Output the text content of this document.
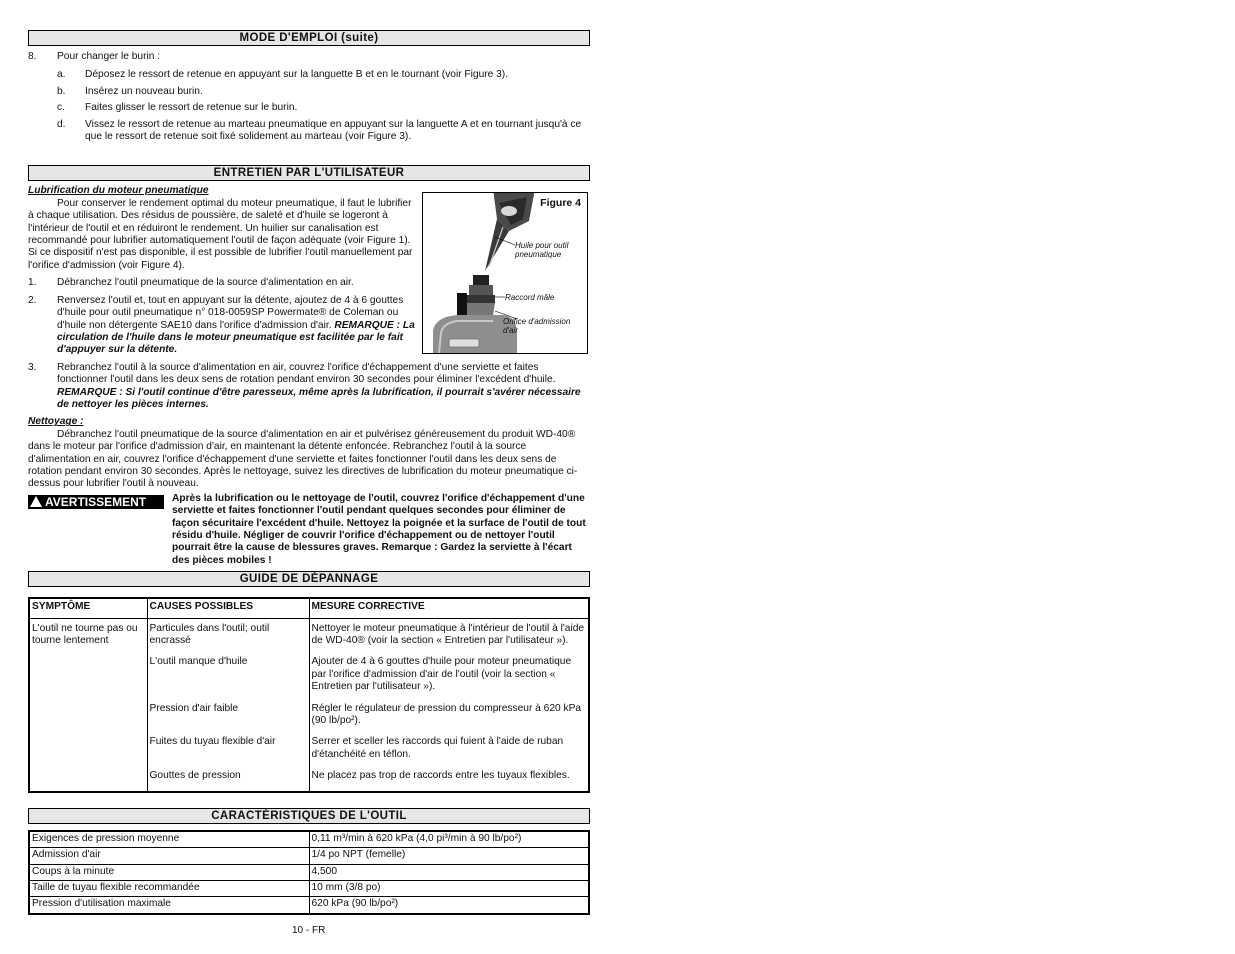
MODE D'EMPLOI (suite)
8.	Pour changer le burin :
a.	Déposez le ressort de retenue en appuyant sur la languette B et en le tournant (voir Figure 3).
b.	Insérez un nouveau burin.
c.	Faites glisser le ressort de retenue sur le burin.
d.	Vissez le ressort de retenue au marteau pneumatique en appuyant sur la languette A et en tournant jusqu'à ce que le ressort de retenue soit fixé solidement au marteau (voir Figure 3).
ENTRETIEN PAR L'UTILISATEUR
Lubrification du moteur pneumatique
Pour conserver le rendement optimal du moteur pneumatique, il faut le lubrifier à chaque utilisation. Des résidus de poussière, de saleté et d'huile se logeront à l'intérieur de l'outil et en réduiront le rendement. Un huilier sur canalisation est recommandé pour lubrifier automatiquement l'outil de façon adéquate (voir Figure 1). Si ce dispositif n'est pas disponible, il est possible de lubrifier l'outil manuellement par l'orifice d'admission (voir Figure 4).
1.	Débranchez l'outil pneumatique de la source d'alimentation en air.
2.	Renversez l'outil et, tout en appuyant sur la détente, ajoutez de 4 à 6 gouttes d'huile pour outil pneumatique n° 018-0059SP Powermate® de Coleman ou d'huile non détergente SAE10 dans l'orifice d'admission d'air. REMARQUE : La circulation de l'huile dans le moteur pneumatique est facilitée par le fait d'appuyer sur la détente.
3.	Rebranchez l'outil à la source d'alimentation en air, couvrez l'orifice d'échappement d'une serviette et faites fonctionner l'outil dans les deux sens de rotation pendant environ 30 secondes pour éliminer l'excédent d'huile. REMARQUE : Si l'outil continue d'être paresseux, même après la lubrification, il pourrait s'avérer nécessaire de nettoyer les pièces internes.
Nettoyage :
Débranchez l'outil pneumatique de la source d'alimentation en air et pulvérisez généreusement du produit WD-40® dans le moteur par l'orifice d'admission d'air, en maintenant la détente enfoncée. Rebranchez l'outil à la source d'alimentation en air, couvrez l'orifice d'échappement d'une serviette et faites fonctionner l'outil dans les deux sens de rotation pendant environ 30 secondes. Après le nettoyage, suivez les directives de lubrification du moteur pneumatique ci-dessus pour lubrifier l'outil à nouveau.
AVERTISSEMENT	Après la lubrification ou le nettoyage de l'outil, couvrez l'orifice d'échappement d'une serviette et faites fonctionner l'outil pendant quelques secondes pour éliminer de façon sécuritaire l'excédent d'huile. Nettoyez la poignée et la surface de l'outil de tout résidu d'huile. Négliger de couvrir l'orifice d'échappement ou de nettoyer l'outil pourrait être la cause de blessures graves. Remarque : Gardez la serviette à l'écart des pièces mobiles !
GUIDE DE DÉPANNAGE
SYMPTÔME	CAUSES POSSIBLES	MESURE CORRECTIVE
L'outil ne tourne pas ou tourne lentement	Particules dans l'outil; outil encrassé	Nettoyer le moteur pneumatique à l'intérieur de l'outil à l'aide de WD-40® (voir la section « Entretien par l'utilisateur »).
	L'outil manque d'huile	Ajouter de 4 à 6 gouttes d'huile pour moteur pneumatique par l'orifice d'admission d'air de l'outil (voir la section « Entretien par l'utilisateur »).
	Pression d'air faible	Régler le régulateur de pression du compresseur à 620 kPa (90 lb/po²).
	Fuites du tuyau flexible d'air	Serrer et sceller les raccords qui fuient à l'aide de ruban d'étanchéité en téflon.
	Gouttes de pression	Ne placez pas trop de raccords entre les tuyaux flexibles.
CARACTÉRISTIQUES DE L'OUTIL
Exigences de pression moyenne	0,11 m³/min à 620 kPa (4,0 pi³/min à 90 lb/po²)
Admission d'air	1/4 po NPT (femelle)
Coups à la minute	4,500
Taille de tuyau flexible recommandée	10 mm (3/8 po)
Pression d'utilisation maximale	620 kPa (90 lb/po²)
Figure 4
Huile pour outil pneumatique
Raccord mâle
Orifice d'admission d'air
10 - FR
